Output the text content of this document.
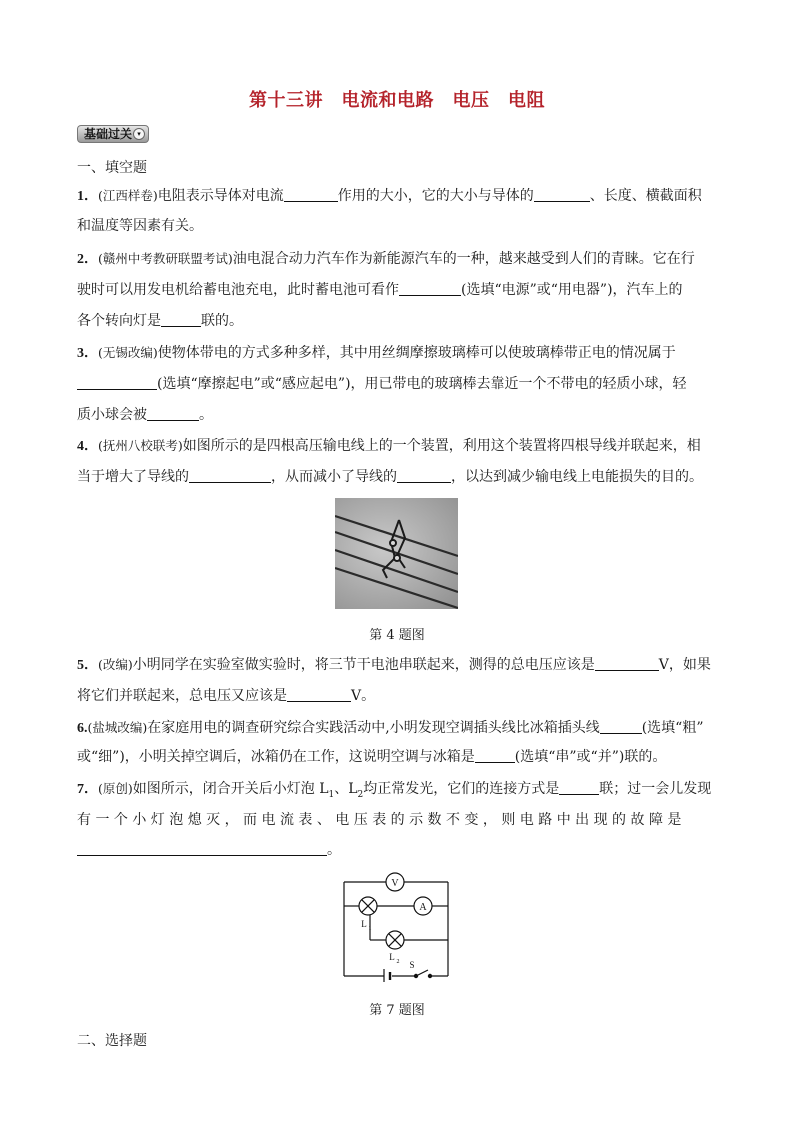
第十三讲　电流和电路　电压　电阻
基础过关 ▾
一、填空题
1．(江西样卷)电阻表示导体对电流	作用的大小，它的大小与导体的	、长度、横截面积
和温度等因素有关。
2．(赣州中考教研联盟考试)油电混合动力汽车作为新能源汽车的一种，越来越受到人们的青睐。它在行
驶时可以用发电机给蓄电池充电，此时蓄电池可看作	(选填“电源”或“用电器”)，汽车上的
各个转向灯是	联的。
3．(无锡改编)使物体带电的方式多种多样，其中用丝绸摩擦玻璃棒可以使玻璃棒带正电的情况属于
(选填“摩擦起电”或“感应起电”)，用已带电的玻璃棒去靠近一个不带电的轻质小球，轻
质小球会被	。
4．(抚州八校联考)如图所示的是四根高压输电线上的一个装置，利用这个装置将四根导线并联起来，相
当于增大了导线的	，从而减小了导线的	，以达到减少输电线上电能损失的目的。
第 4 题图
5．(改编)小明同学在实验室做实验时，将三节干电池串联起来，测得的总电压应该是	V，如果
将它们并联起来，总电压又应该是	V。
6.(盐城改编)在家庭用电的调查研究综合实践活动中,小明发现空调插头线比冰箱插头线	(选填“粗”
或“细”)，小明关掉空调后，冰箱仍在工作，这说明空调与冰箱是	(选填“串”或“并”)联的。
7．(原创)如图所示，闭合开关后小灯泡 $L_1$、$L_2$均正常发光，它们的连接方式是	联；过一会儿发现
有 一 个 小 灯 泡 熄 灭 ， 而 电 流 表 、 电 压 表 的 示 数 不 变 ， 则 电 路 中 出 现 的 故 障 是
。
V
A
L 1
L 2 S
第 7 题图
二、选择题
